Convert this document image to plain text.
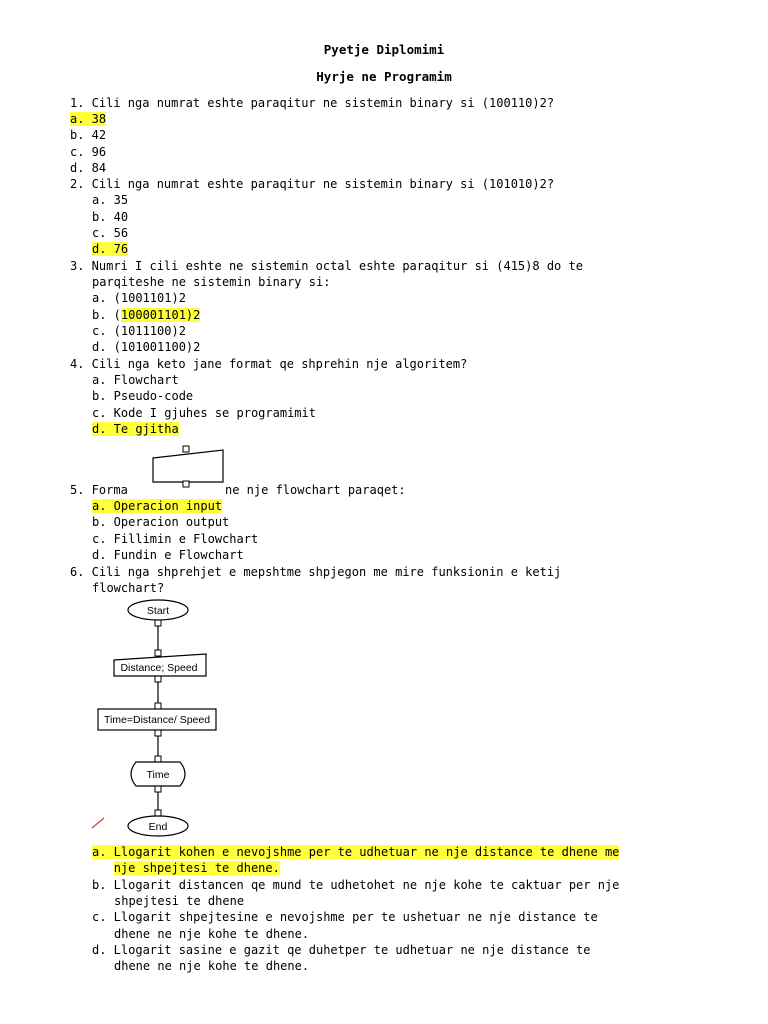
Pyetje Diplomimi
Hyrje ne Programim
1. Cili nga numrat eshte paraqitur ne sistemin binary si (100110)2?
a. 38
b. 42
c. 96
d. 84
2. Cili nga numrat eshte paraqitur ne sistemin binary si (101010)2?
a. 35
b. 40
c. 56
d. 76
3. Numri I cili eshte ne sistemin octal eshte paraqitur si (415)8 do te
parqiteshe ne sistemin binary si:
a. (1001101)2
b. (100001101)2
c. (1011100)2
d. (101001100)2
4. Cili nga keto jane format qe shprehin nje algoritem?
a. Flowchart
b. Pseudo-code
c. Kode I gjuhes se programimit
d. Te gjitha
5. Forma	ne nje flowchart paraqet:
a. Operacion input
b. Operacion output
c. Fillimin e Flowchart
d. Fundin e Flowchart
6. Cili nga shprehjet e mepshtme shpjegon me mire funksionin e ketij
flowchart?
Start
Distance; Speed
Time=Distance/ Speed
Time
End
a. Llogarit kohen e nevojshme per te udhetuar ne nje distance te dhene me
nje shpejtesi te dhene.
b. Llogarit distancen qe mund te udhetohet ne nje kohe te caktuar per nje
shpejtesi te dhene
c. Llogarit shpejtesine e nevojshme per te ushetuar ne nje distance te
dhene ne nje kohe te dhene.
d. Llogarit sasine e gazit qe duhetper te udhetuar ne nje distance te
dhene ne nje kohe te dhene.
